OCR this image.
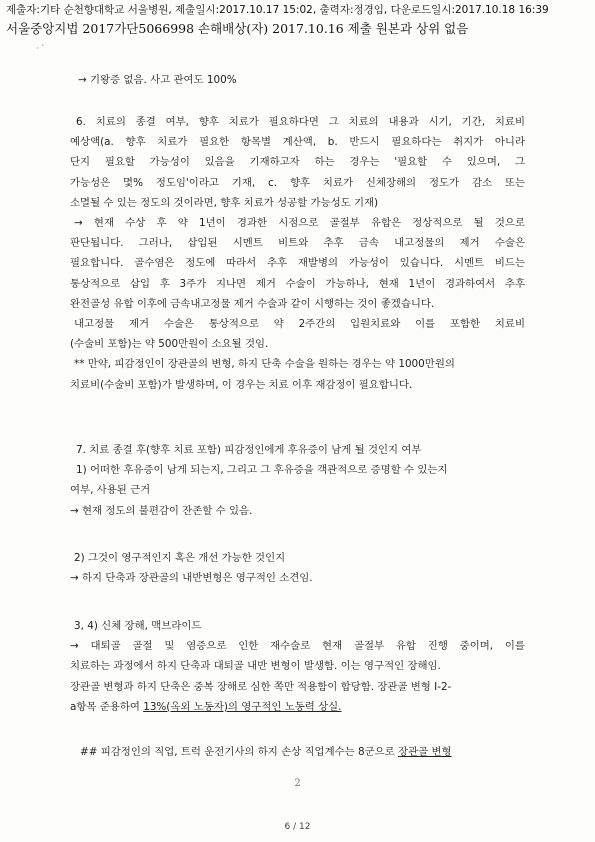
제출자:기타 순천향대학교 서울병원, 제출일시:2017.10.17 15:02, 출력자:정경임, 다운로드일시:2017.10.18 16:39
서울중앙지법 2017가단5066998 손해배상(자) 2017.10.16 제출 원본과 상위 없음
· `

→ 기왕증 없음. 사고 관여도 100%

6. 치료의 종결 여부, 향후 치료가 필요하다면 그 치료의 내용과 시기, 기간, 치료비

예상액(a. 향후 치료가 필요한 항목별 계산액, b. 반드시 필요하다는 취지가 아니라

단지 필요할 가능성이 있음을 기재하고자 하는 경우는 '필요할 수 있으며, 그

가능성은 몇% 정도임'이라고 기재, c. 향후 치료가 신체장해의 정도가 감소 또는

소멸될 수 있는 정도의 것이라면, 향후 치료가 성공할 가능성도 기재)

→ 현재 수상 후 약 1년이 경과한 시점으로 골절부 유합은 정상적으로 될 것으로

판단됩니다. 그러나, 삽입된 시멘트 비트와 추후 금속 내고정물의 제거 수술은

필요합니다. 골수염은 정도에 따라서 추후 재발병의 가능성이 있습니다. 시멘트 비드는

통상적으로 삽입 후 3주가 지나면 제거 수술이 가능하나, 현재 1년이 경과하여서 추후

완전골성 유합 이후에 금속내고정물 제거 수술과 같이 시행하는 것이 좋겠습니다.

내고정물 제거 수술은 통상적으로 약 2주간의 입원치료와 이를 포함한 치료비

(수술비 포함)는 약 500만원이 소요될 것임.

** 만약, 피감정인이 장관골의 변형, 하지 단축 수술을 원하는 경우는 약 1000만원의

치료비(수술비 포함)가 발생하며, 이 경우는 치료 이후 재감정이 필요합니다.

7. 치료 종결 후(향후 치료 포함) 피감정인에게 후유증이 남게 될 것인지 여부

1) 어떠한 후유증이 남게 되는지, 그리고 그 후유증을 객관적으로 증명할 수 있는지

여부, 사용된 근거

→ 현재 정도의 불편감이 잔존할 수 있음.

2) 그것이 영구적인지 혹은 개선 가능한 것인지

→ 하지 단축과 장관골의 내반변형은 영구적인 소견임.

3, 4) 신체 장해, 맥브라이드

→ 대퇴골 골절 및 염증으로 인한 재수술로 현재 골절부 유합 진행 중이며, 이를

치료하는 과정에서 하지 단축과 대퇴골 내반 변형이 발생함. 이는 영구적인 장해임.

장관골 변형과 하지 단축은 중복 장해로 심한 쪽만 적용함이 합당함. 장관골 변형 I-2-

a항목 준용하여 13%(옥외 노동자)의 영구적인 노동력 상실.

## 피감정인의 직업, 트럭 운전기사의 하지 손상 직업계수는 8군으로 장관골 변형

2
6 / 12
